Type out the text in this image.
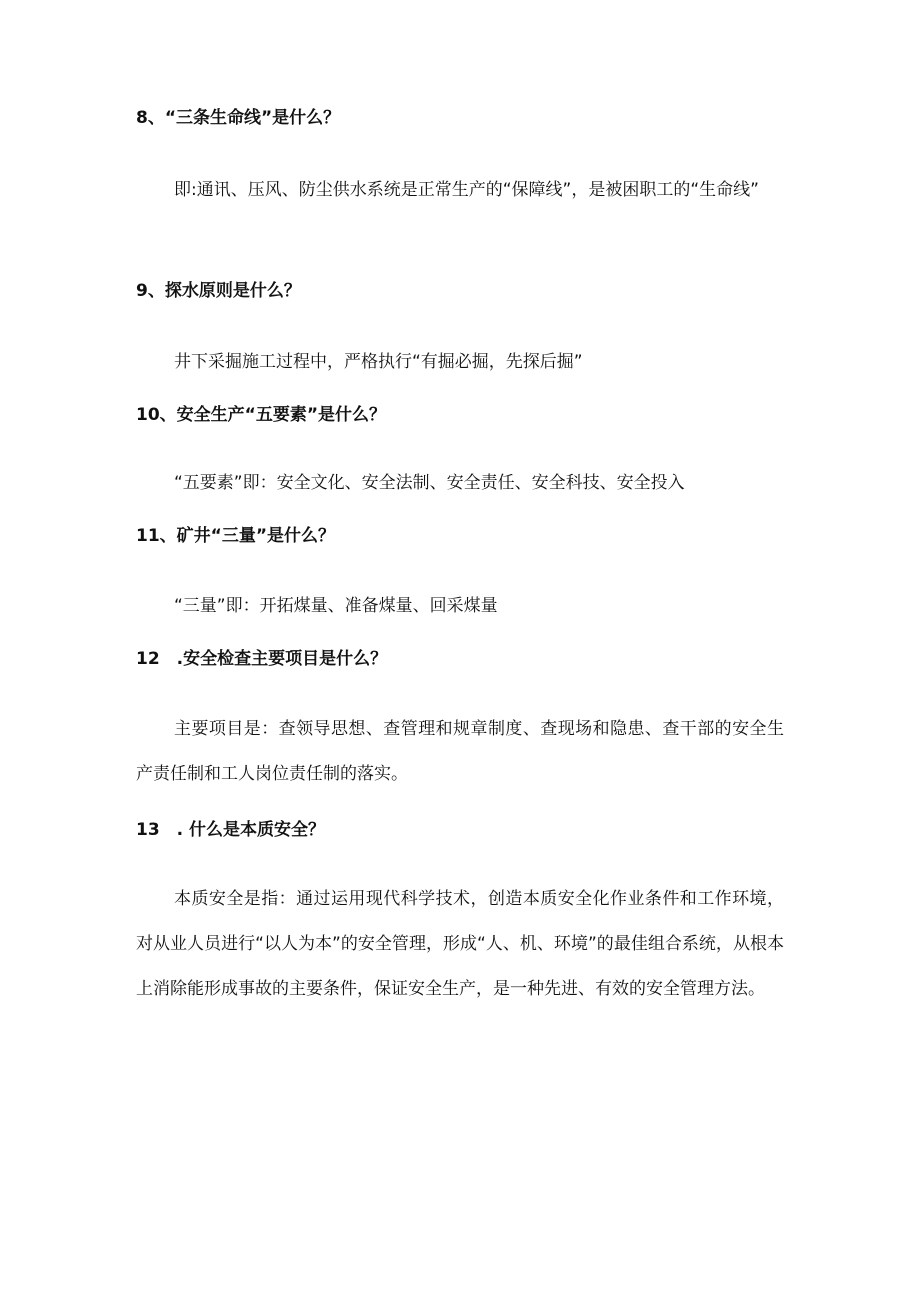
8、“三条生命线”是什么？
即:通讯、压风、防尘供水系统是正常生产的“保障线”，是被困职工的“生命线”
9、探水原则是什么？
井下采掘施工过程中，严格执行“有掘必掘，先探后掘”
10、安全生产“五要素”是什么？
“五要素”即：安全文化、安全法制、安全责任、安全科技、安全投入
11、矿井“三量”是什么？
“三量”即：开拓煤量、准备煤量、回采煤量
12　.安全检查主要项目是什么？
主要项目是：查领导思想、查管理和规章制度、查现场和隐患、查干部的安全生产责任制和工人岗位责任制的落实。
13　. 什么是本质安全？
本质安全是指：通过运用现代科学技术，创造本质安全化作业条件和工作环境，对从业人员进行“以人为本”的安全管理，形成“人、机、环境”的最佳组合系统，从根本上消除能形成事故的主要条件，保证安全生产，是一种先进、有效的安全管理方法。
